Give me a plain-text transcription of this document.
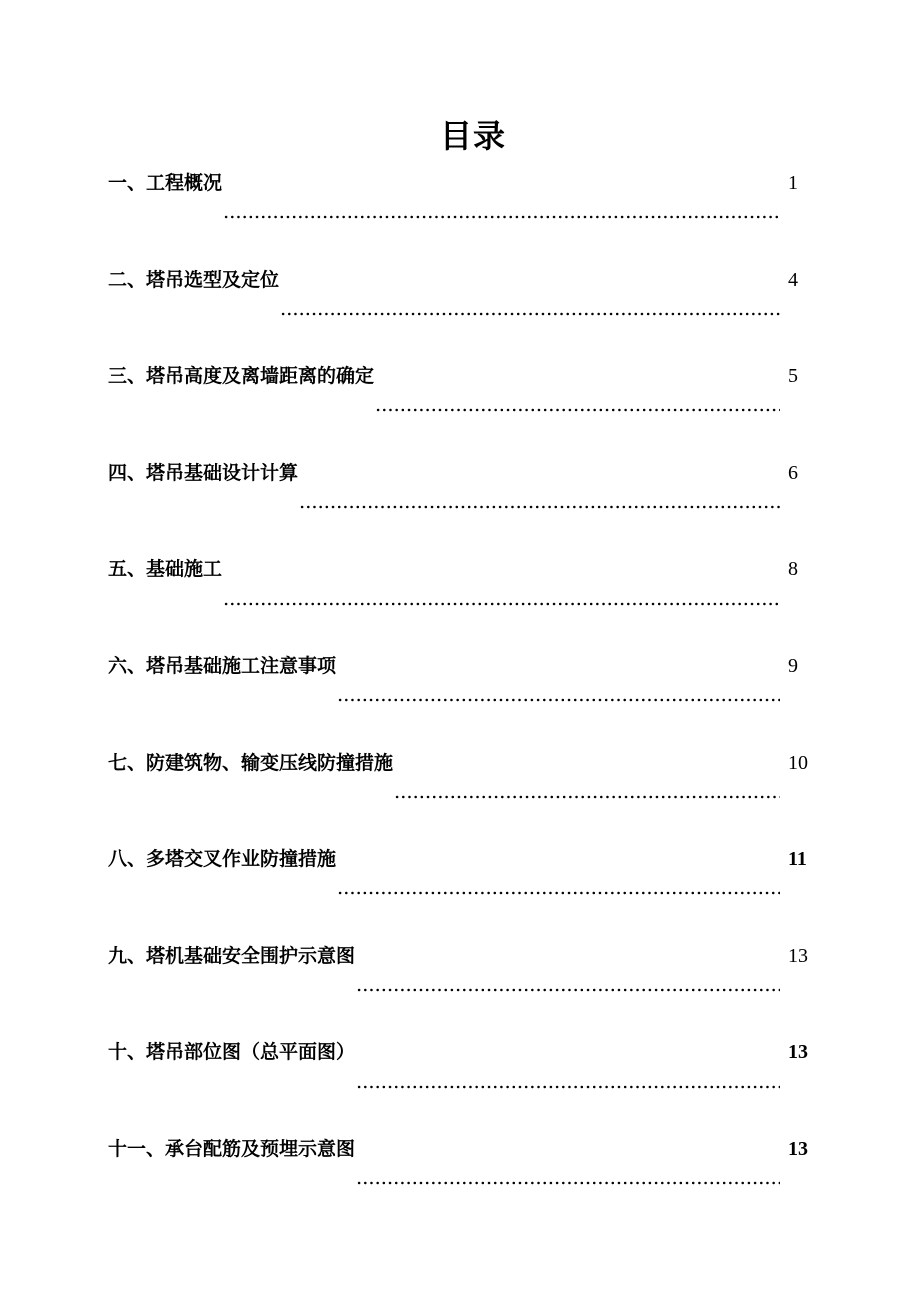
目录
一、工程概况	1
二、塔吊选型及定位	4
三、塔吊高度及离墙距离的确定	5
四、塔吊基础设计计算	6
五、基础施工	8
六、塔吊基础施工注意事项	9
七、防建筑物、输变压线防撞措施	10
八、多塔交叉作业防撞措施	11
九、塔机基础安全围护示意图	13
十、塔吊部位图（总平面图）	13
十一、承台配筋及预埋示意图	13
